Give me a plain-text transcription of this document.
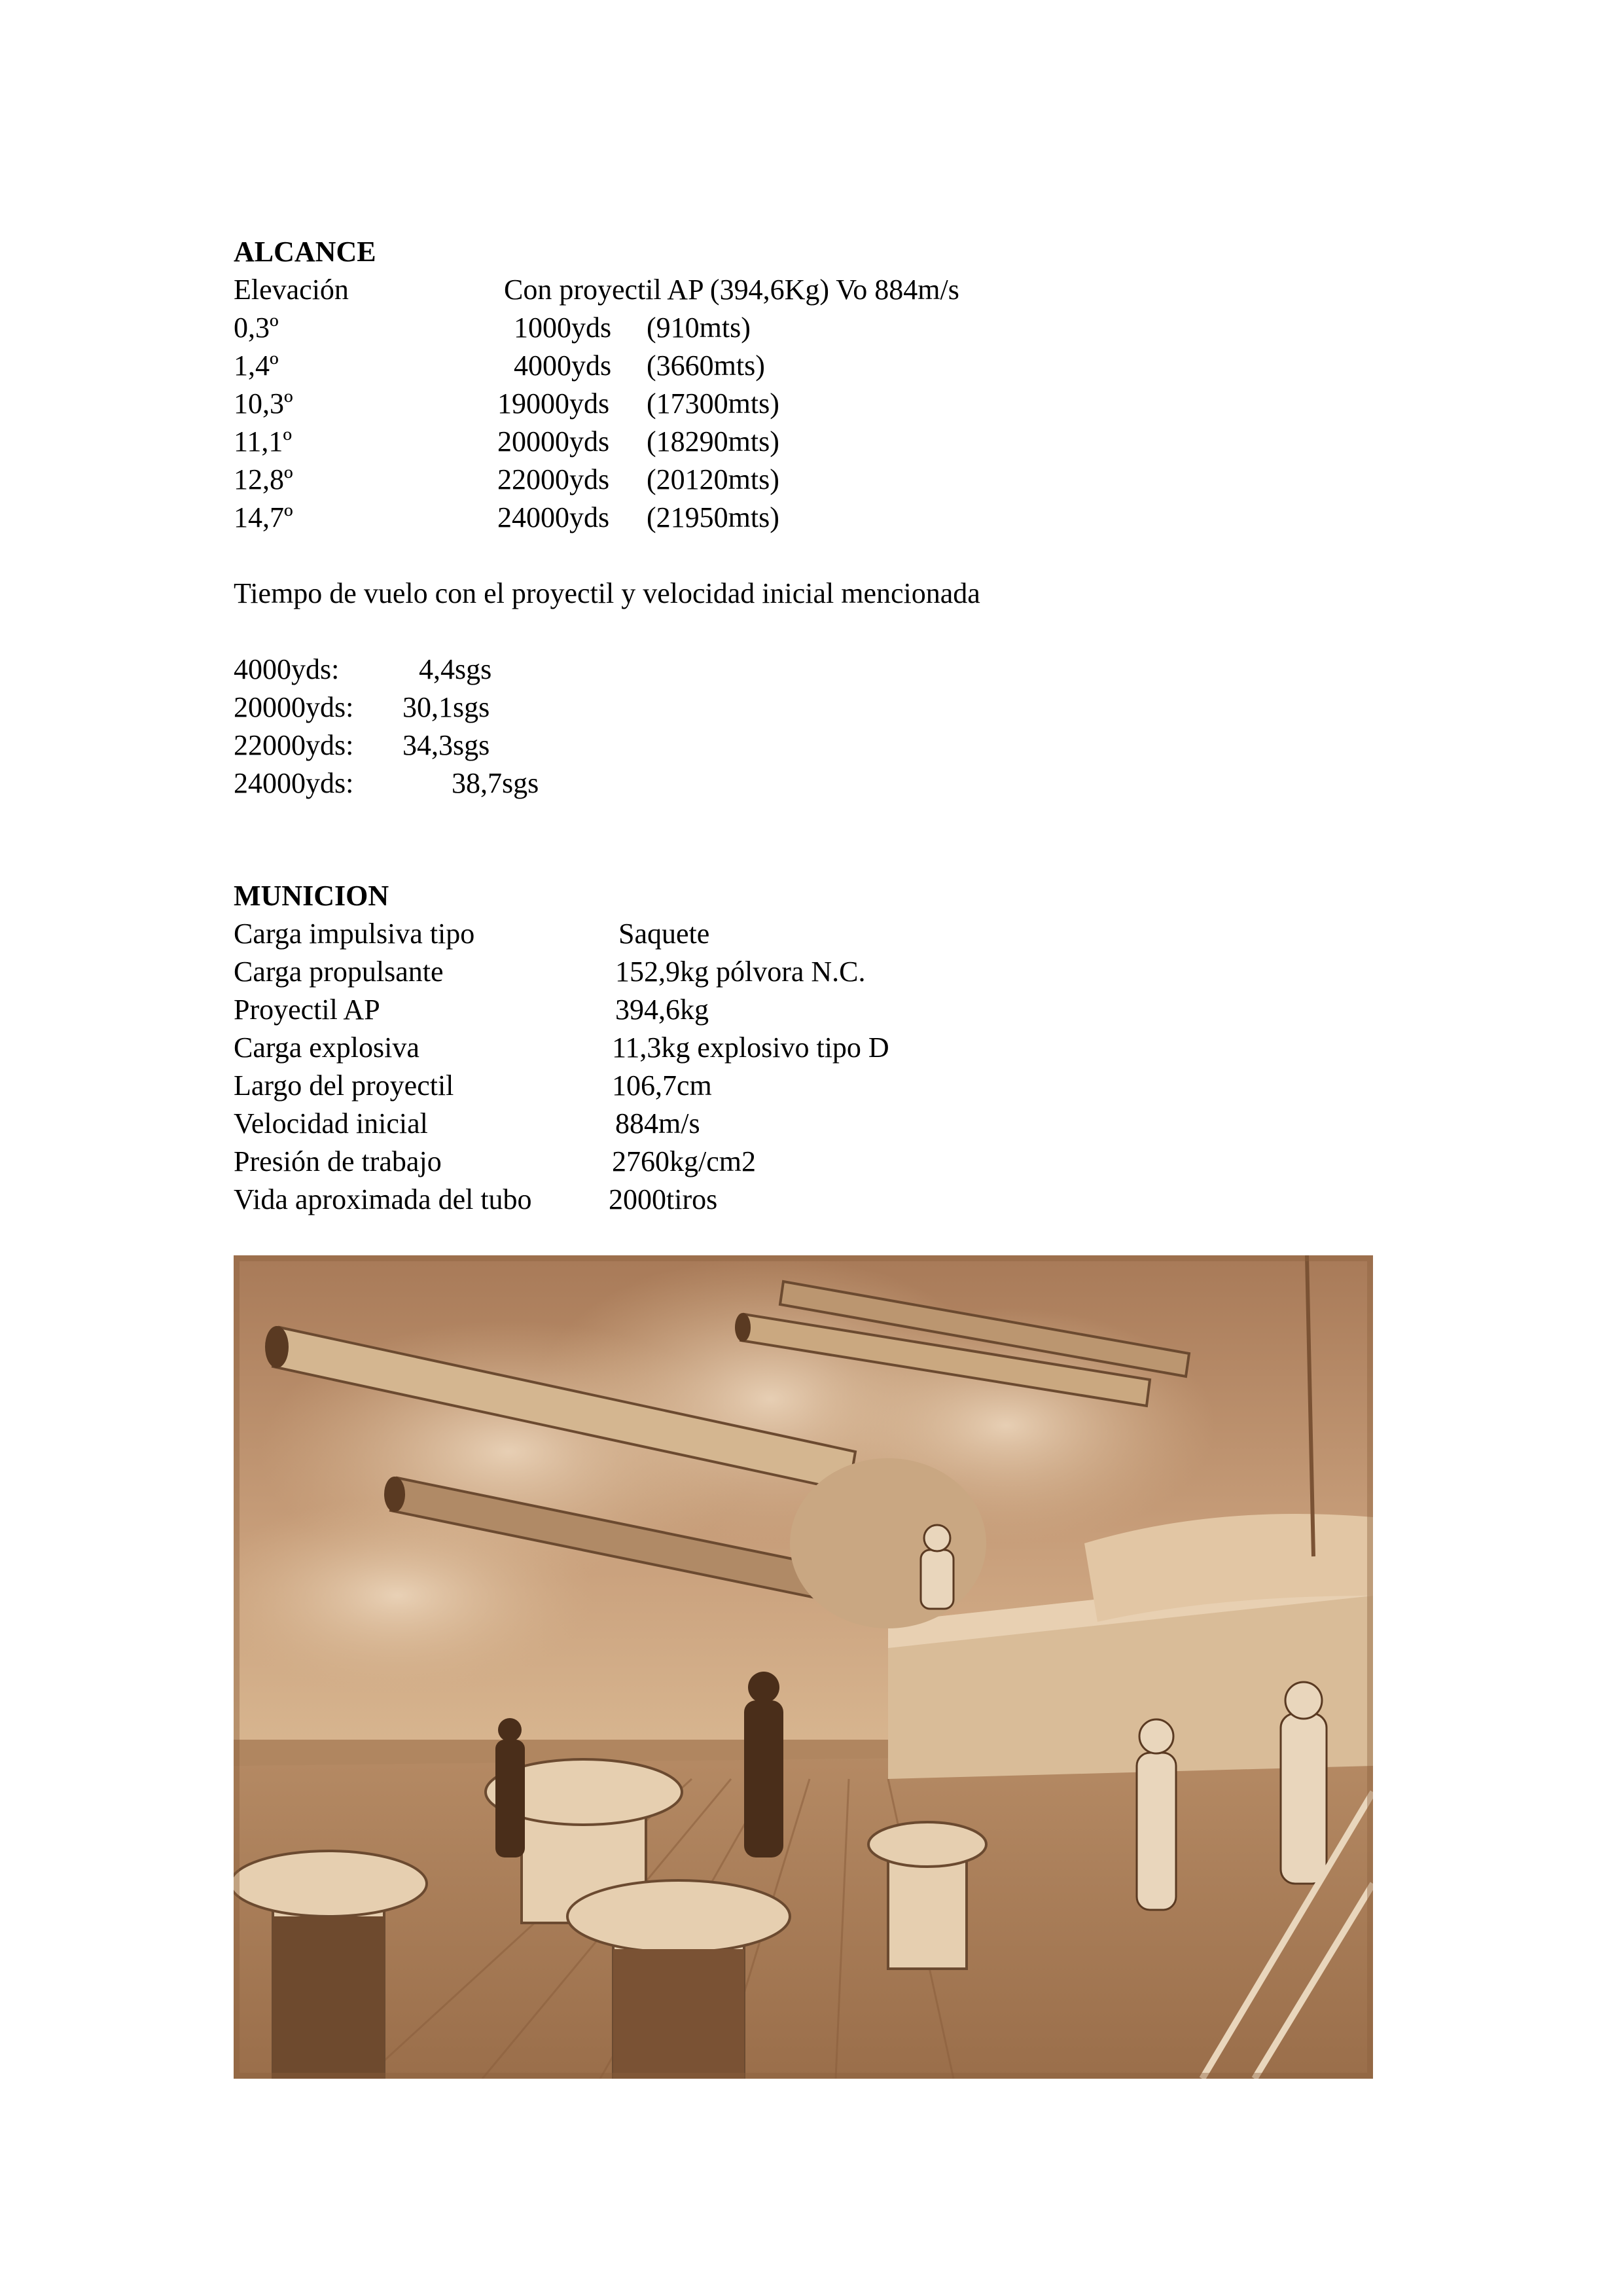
ALCANCE
Elevación	Con proyectil AP (394,6Kg) Vo 884m/s
0,3º	1000yds (910mts)
1,4º	4000yds (3660mts)
10,3º	19000yds (17300mts)
11,1º	20000yds (18290mts)
12,8º	22000yds (20120mts)
14,7º	24000yds (21950mts)
Tiempo de vuelo con el proyectil y velocidad inicial mencionada
4000yds:	4,4sgs
20000yds: 30,1sgs
22000yds: 34,3sgs
24000yds:	38,7sgs
MUNICION
Carga impulsiva tipo	Saquete
Carga propulsante	152,9kg pólvora N.C.
Proyectil AP	394,6kg
Carga explosiva	11,3kg explosivo tipo D
Largo del proyectil	106,7cm
Velocidad inicial	884m/s
Presión de trabajo	2760kg/cm2
Vida aproximada del tubo	2000tiros
